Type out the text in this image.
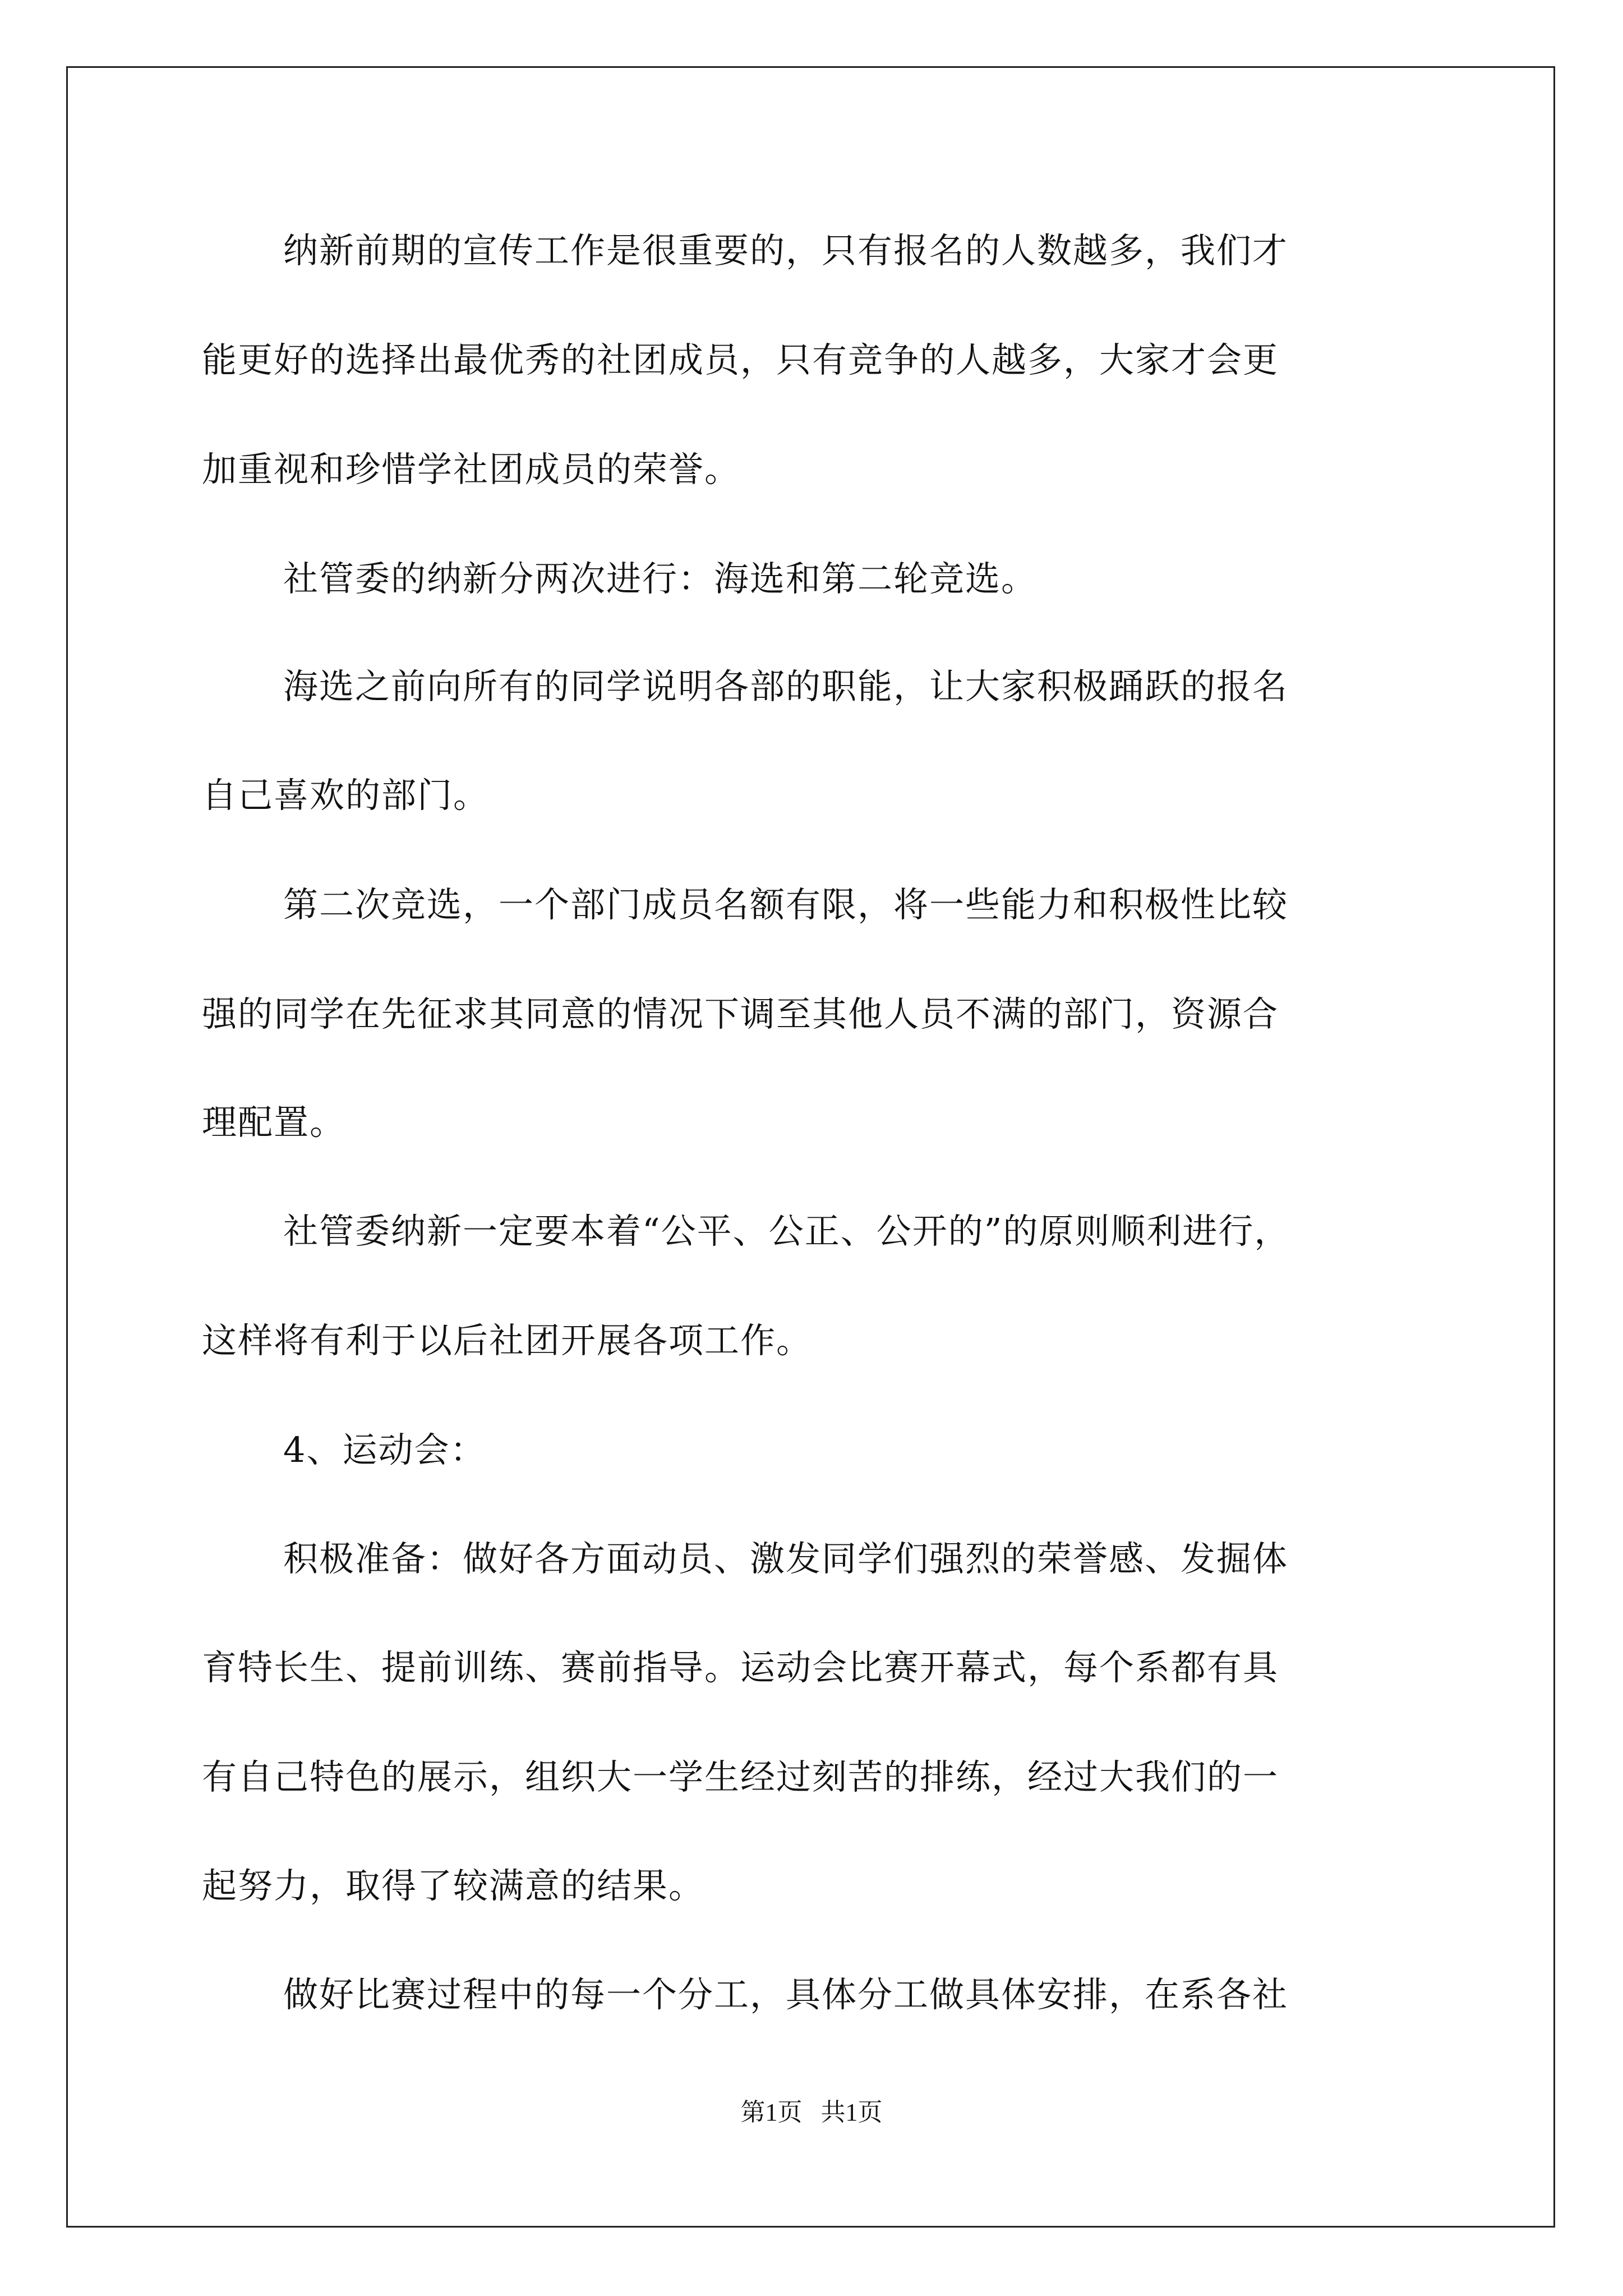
纳新前期的宣传工作是很重要的，只有报名的人数越多，我们才
能更好的选择出最优秀的社团成员，只有竞争的人越多，大家才会更
加重视和珍惜学社团成员的荣誉。
社管委的纳新分两次进行：海选和第二轮竞选。
海选之前向所有的同学说明各部的职能，让大家积极踊跃的报名
自己喜欢的部门。
第二次竞选，一个部门成员名额有限，将一些能力和积极性比较
强的同学在先征求其同意的情况下调至其他人员不满的部门，资源合
理配置。
社管委纳新一定要本着“公平、公正、公开的”的原则顺利进行，
这样将有利于以后社团开展各项工作。
4、运动会：
积极准备：做好各方面动员、激发同学们强烈的荣誉感、发掘体
育特长生、提前训练、赛前指导。运动会比赛开幕式，每个系都有具
有自己特色的展示，组织大一学生经过刻苦的排练，经过大我们的一
起努力，取得了较满意的结果。
做好比赛过程中的每一个分工，具体分工做具体安排，在系各社
第1页   共1页
